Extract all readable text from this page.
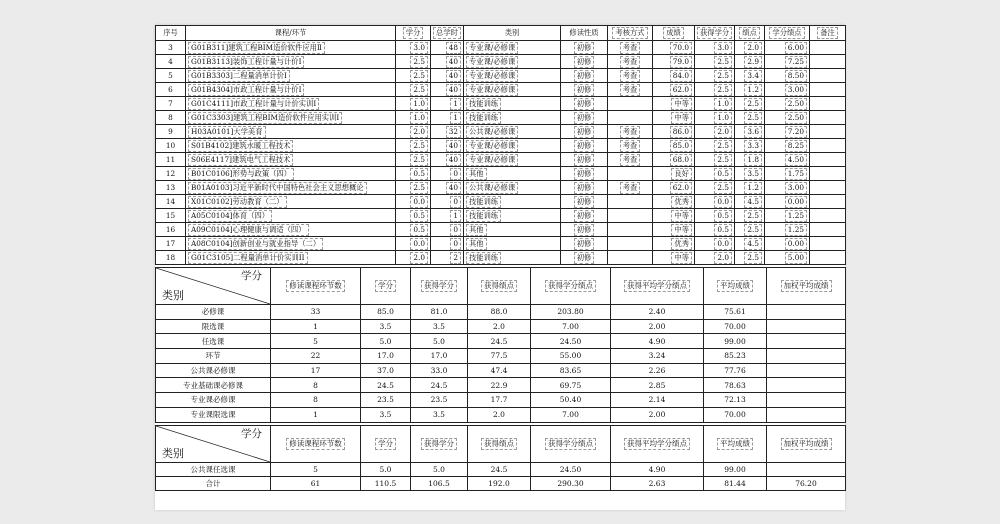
序号	课程/环节	学分	总学时	类别	修读性质	考核方式	成绩	获得学分	绩点	学分绩点	备注
3	G01B311]建筑工程BIM造价软件应用Ⅱ	3.0	48	专业课/必修课	初修	考查	70.0	3.0	2.0	6.00	
4	G01B3113]装饰工程计量与计价I	2.5	40	专业课/必修课	初修	考查	79.0	2.5	2.9	7.25	
5	G01B3303]二程量消单计价I	2.5	40	专业课/必修课	初修	考查	84.0	2.5	3.4	8.50	
6	G01B4304]市政工程计量与计价I	2.5	40	专业课/必修课	初修	考查	62.0	2.5	1.2	3.00	
7	G01C4111]市政工程计量与计价实训I	1.0	1	技能训练	初修		中等	1.0	2.5	2.50	
8	G01C3303]建筑工程BIM造价软件应用实训I	1.0	1	技能训练	初修		中等	1.0	2.5	2.50	
9	H03A0101]大学美育	2.0	32	公共课/必修课	初修	考查	86.0	2.0	3.6	7.20	
10	S01B4102]建筑水暖工程技术	2.5	40	专业课/必修课	初修	考查	85.0	2.5	3.3	8.25	
11	S06E4117]建筑电气工程技术	2.5	40	专业课/必修课	初修	考查	68.0	2.5	1.8	4.50	
12	B01C0106]形势与政策（四）	0.5	0	其他	初修		良好	0.5	3.5	1.75	
13	B01A0103]习近平新时代中国特色社会主义思想概论	2.5	40	公共课/必修课	初修	考查	62.0	2.5	1.2	3.00	
14	X01C0102]劳动教育（二）	0.0	0	技能训练	初修		优秀	0.0	4.5	0.00	
15	A05C0104]体育（四）	0.5	1	技能训练	初修		中等	0.5	2.5	1.25	
16	A09C0104]心理健康与调适（四）	0.5	0	其他	初修		中等	0.5	2.5	1.25	
17	A08C0104]创新创业与就业指导（二）	0.0	0	其他	初修		优秀	0.0	4.5	0.00	
18	G01C3105]二程量消单计价实训II	2.0	2	技能训练	初修		中等	2.0	2.5	5.00	
学分
类别	修读课程环节数	学分	获得学分	获得绩点	获得学分绩点	获得平均学分绩点	平均成绩	加权平均成绩
必修课	33	85.0	81.0	88.0	203.80	2.40	75.61	
限选课	1	3.5	3.5	2.0	7.00	2.00	70.00	
任选课	5	5.0	5.0	24.5	24.50	4.90	99.00	
环节	22	17.0	17.0	77.5	55.00	3.24	85.23	
公共课必修课	17	37.0	33.0	47.4	83.65	2.26	77.76	
专业基础课必修课	8	24.5	24.5	22.9	69.75	2.85	78.63	
专业课必修课	8	23.5	23.5	17.7	50.40	2.14	72.13	
专业课限选课	1	3.5	3.5	2.0	7.00	2.00	70.00	
学分
类别	修读课程环节数	学分	获得学分	获得绩点	获得学分绩点	获得平均学分绩点	平均成绩	加权平均成绩
公共课任选课	5	5.0	5.0	24.5	24.50	4.90	99.00	
合计	61	110.5	106.5	192.0	290.30	2.63	81.44	76.20
